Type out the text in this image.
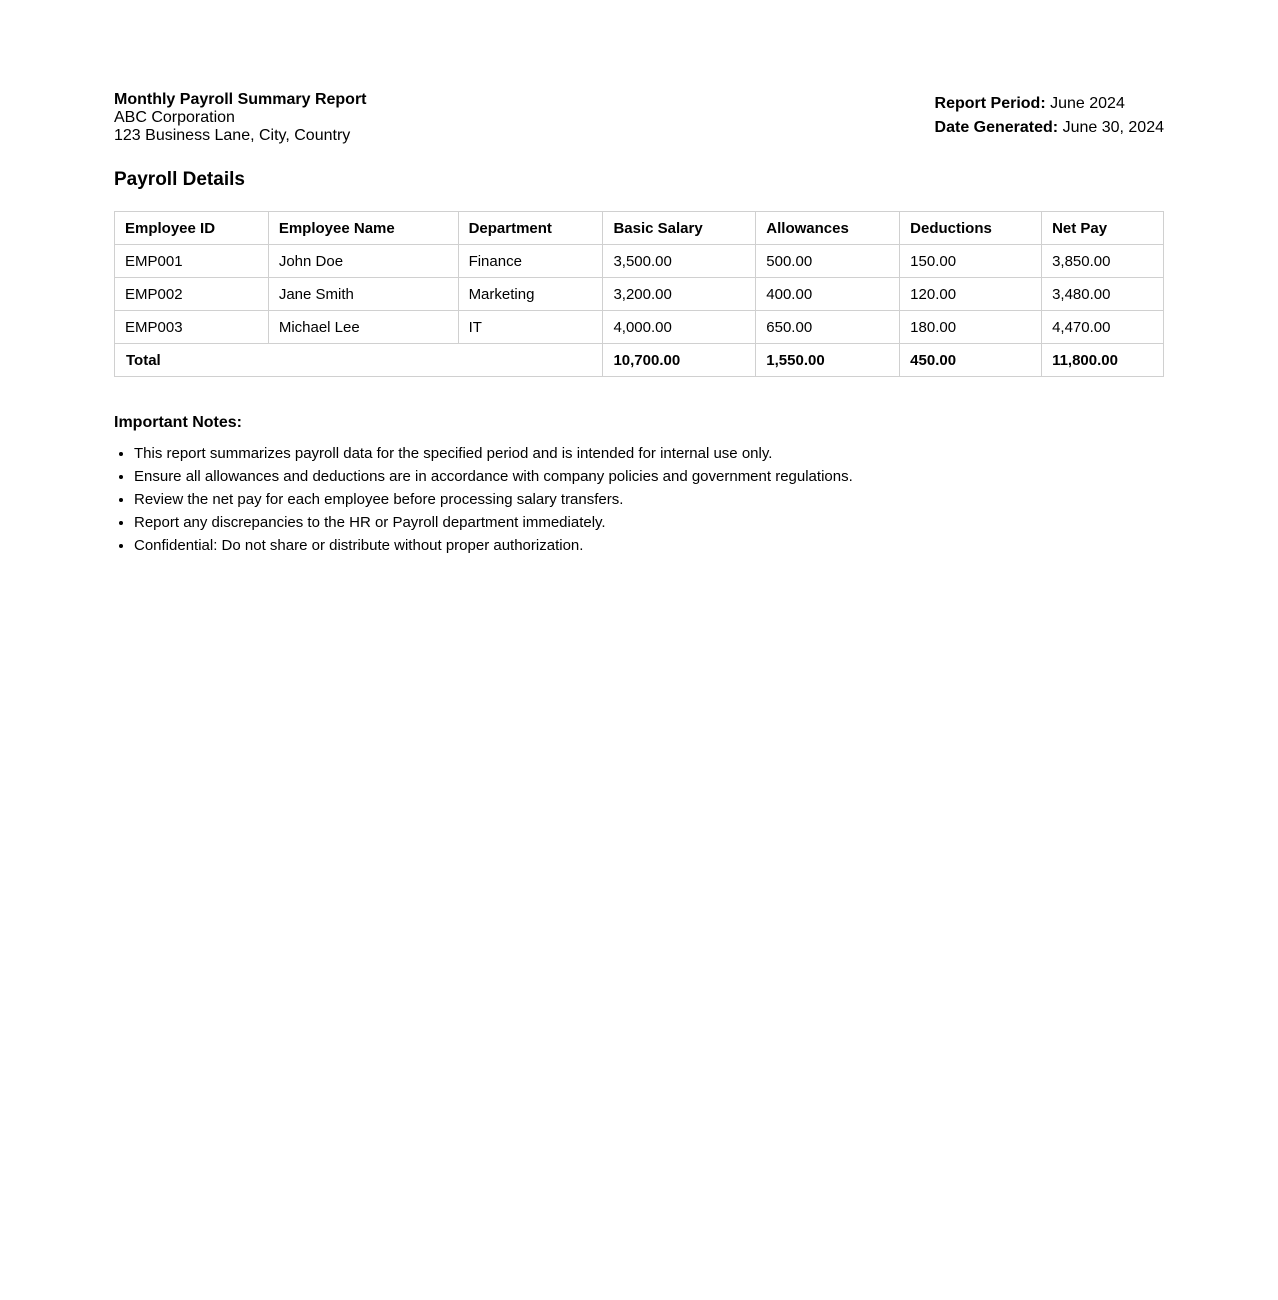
Monthly Payroll Summary Report
ABC Corporation
123 Business Lane, City, Country
Report Period: June 2024
Date Generated: June 30, 2024
Payroll Details
Employee ID	Employee Name	Department	Basic Salary	Allowances	Deductions	Net Pay
EMP001	John Doe	Finance	3,500.00	500.00	150.00	3,850.00
EMP002	Jane Smith	Marketing	3,200.00	400.00	120.00	3,480.00
EMP003	Michael Lee	IT	4,000.00	650.00	180.00	4,470.00
Total			10,700.00	1,550.00	450.00	11,800.00
Important Notes:
• This report summarizes payroll data for the specified period and is intended for internal use only.
• Ensure all allowances and deductions are in accordance with company policies and government regulations.
• Review the net pay for each employee before processing salary transfers.
• Report any discrepancies to the HR or Payroll department immediately.
• Confidential: Do not share or distribute without proper authorization.
